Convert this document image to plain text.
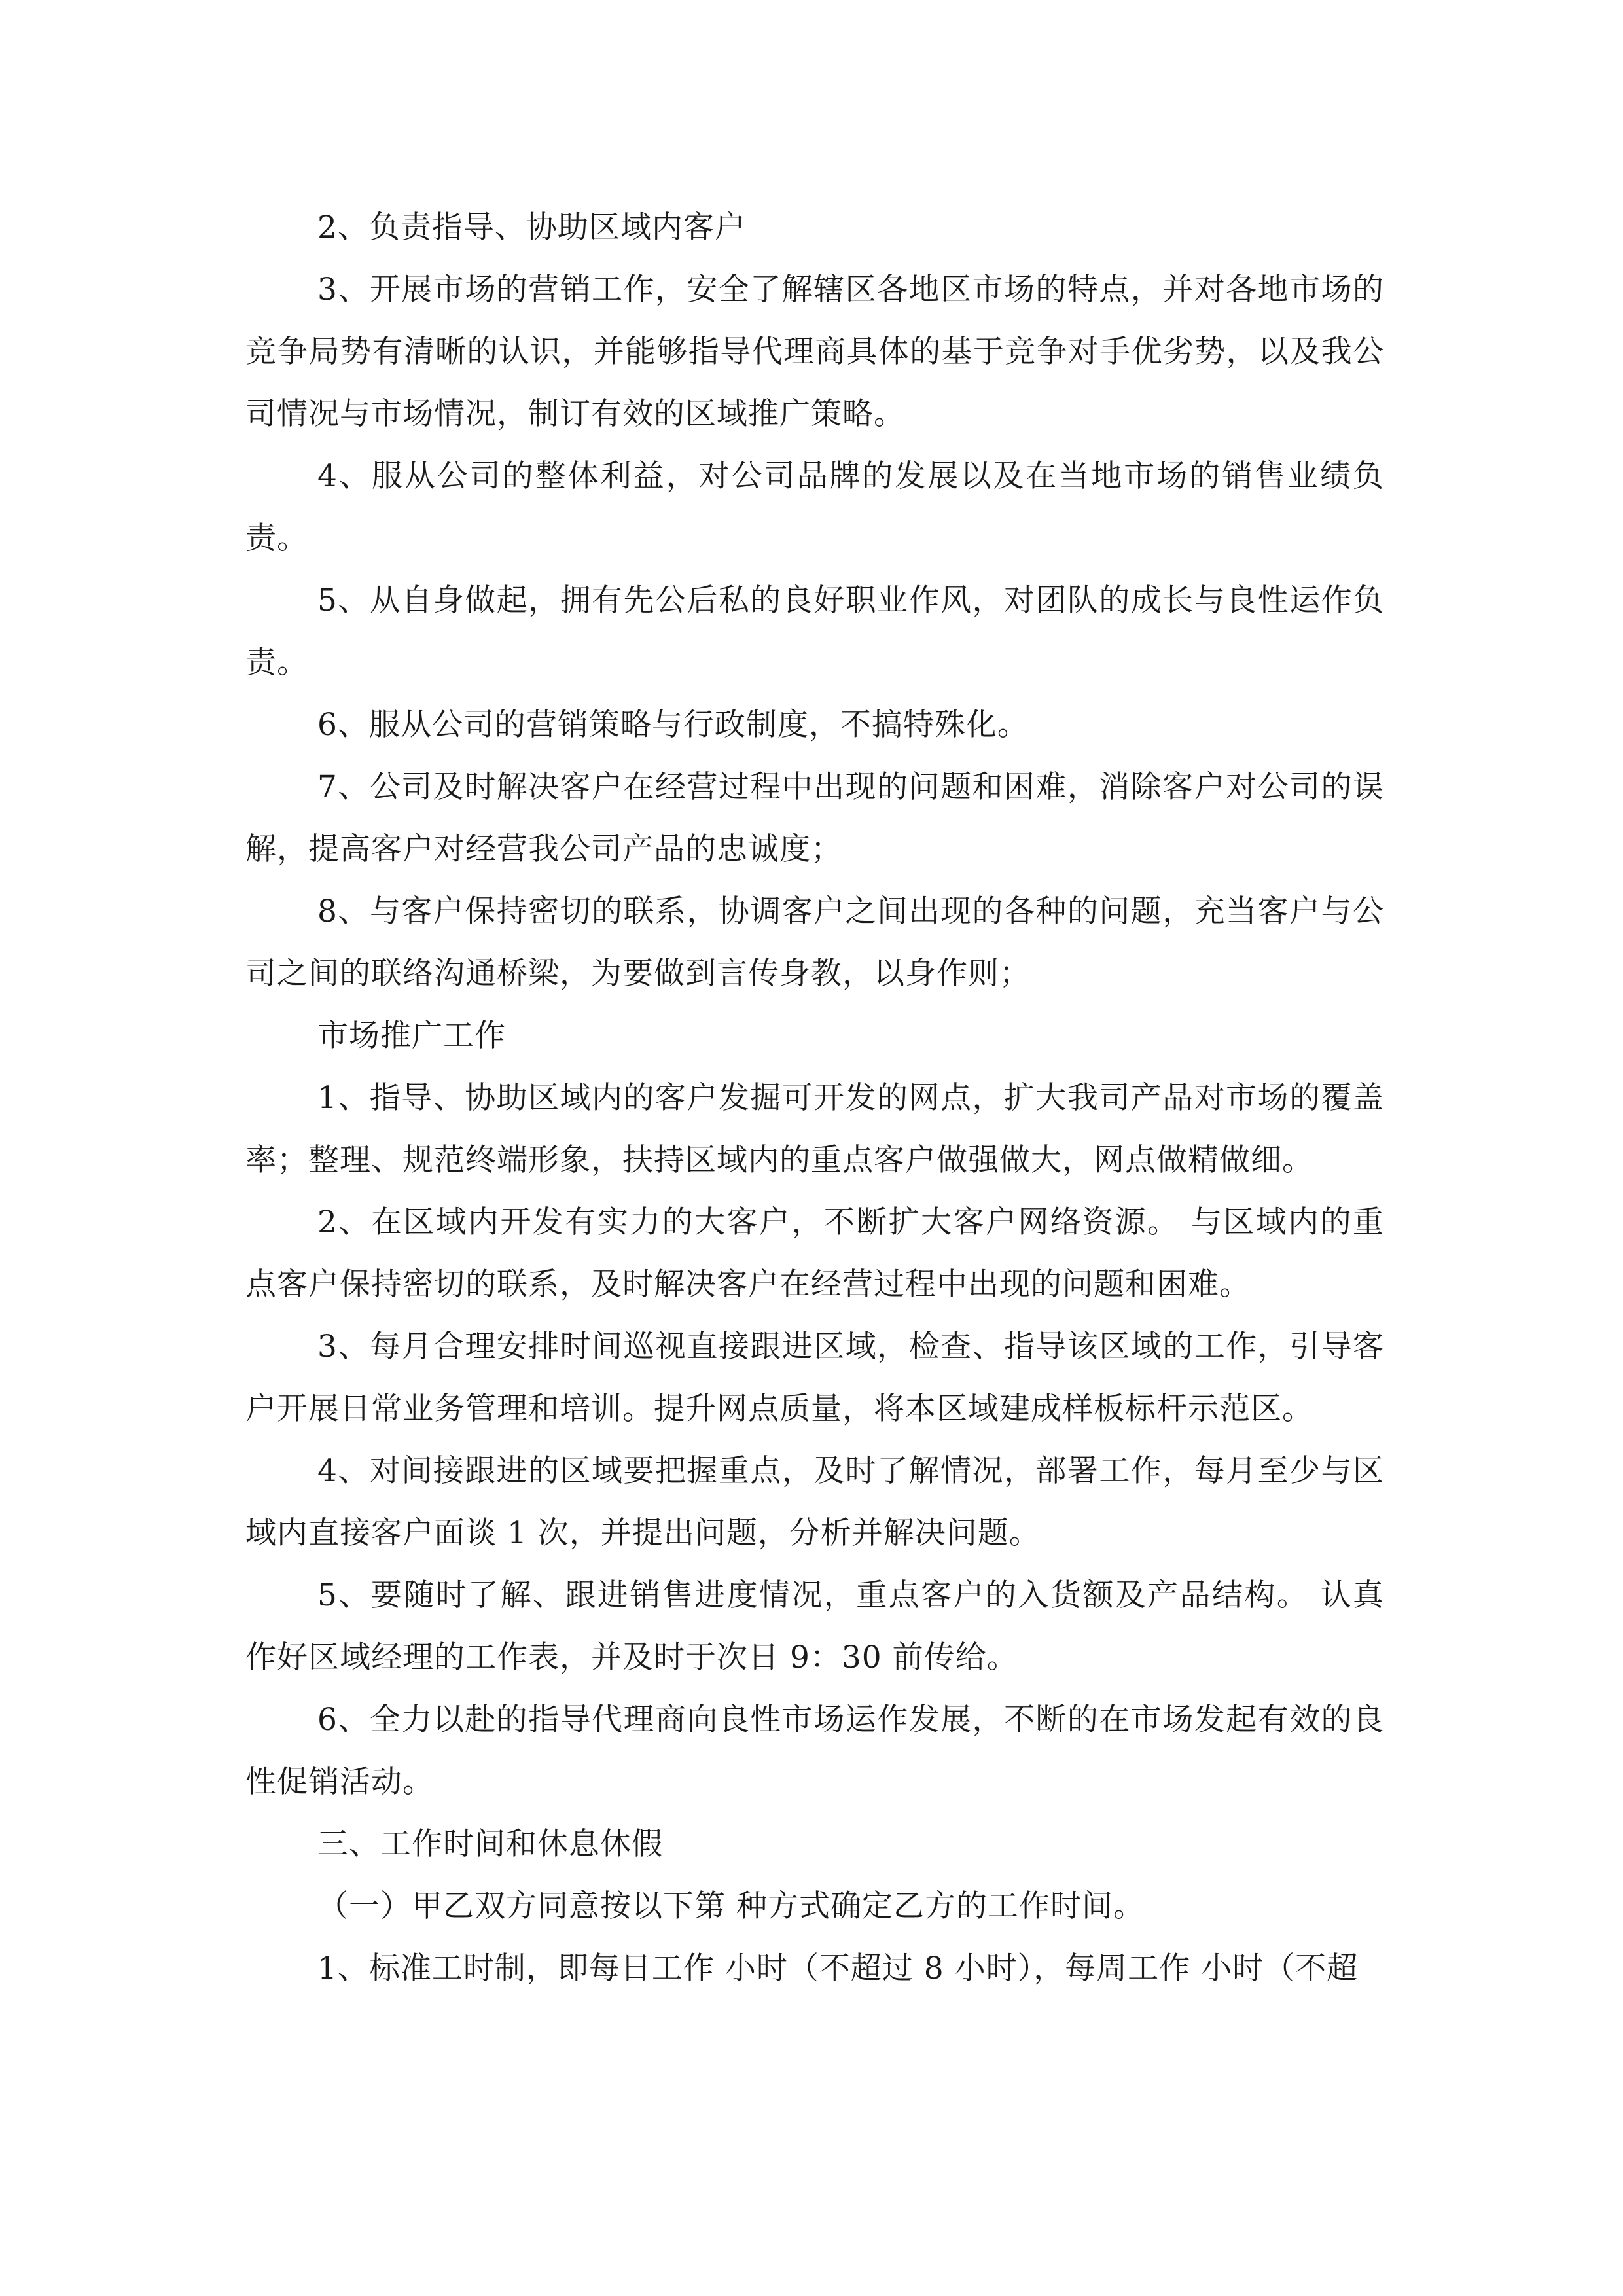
2、负责指导、协助区域内客户

3、开展市场的营销工作，安全了解辖区各地区市场的特点，并对各地市场的竞争局势有清晰的认识，并能够指导代理商具体的基于竞争对手优劣势，以及我公司情况与市场情况，制订有效的区域推广策略。

4、服从公司的整体利益，对公司品牌的发展以及在当地市场的销售业绩负责。

5、从自身做起，拥有先公后私的良好职业作风，对团队的成长与良性运作负责。

6、服从公司的营销策略与行政制度，不搞特殊化。

7、公司及时解决客户在经营过程中出现的问题和困难，消除客户对公司的误解，提高客户对经营我公司产品的忠诚度；

8、与客户保持密切的联系，协调客户之间出现的各种的问题，充当客户与公司之间的联络沟通桥梁，为要做到言传身教，以身作则；

市场推广工作

1、指导、协助区域内的客户发掘可开发的网点，扩大我司产品对市场的覆盖率；整理、规范终端形象，扶持区域内的重点客户做强做大，网点做精做细。

2、在区域内开发有实力的大客户，不断扩大客户网络资源。 与区域内的重点客户保持密切的联系，及时解决客户在经营过程中出现的问题和困难。

3、每月合理安排时间巡视直接跟进区域，检查、指导该区域的工作，引导客户开展日常业务管理和培训。提升网点质量，将本区域建成样板标杆示范区。

4、对间接跟进的区域要把握重点，及时了解情况，部署工作，每月至少与区域内直接客户面谈 1 次，并提出问题，分析并解决问题。

5、要随时了解、跟进销售进度情况，重点客户的入货额及产品结构。 认真作好区域经理的工作表，并及时于次日 9：30 前传给。

6、全力以赴的指导代理商向良性市场运作发展，不断的在市场发起有效的良性促销活动。

三、工作时间和休息休假

（一）甲乙双方同意按以下第 种方式确定乙方的工作时间。

1、标准工时制，即每日工作 小时（不超过 8 小时），每周工作 小时（不超
